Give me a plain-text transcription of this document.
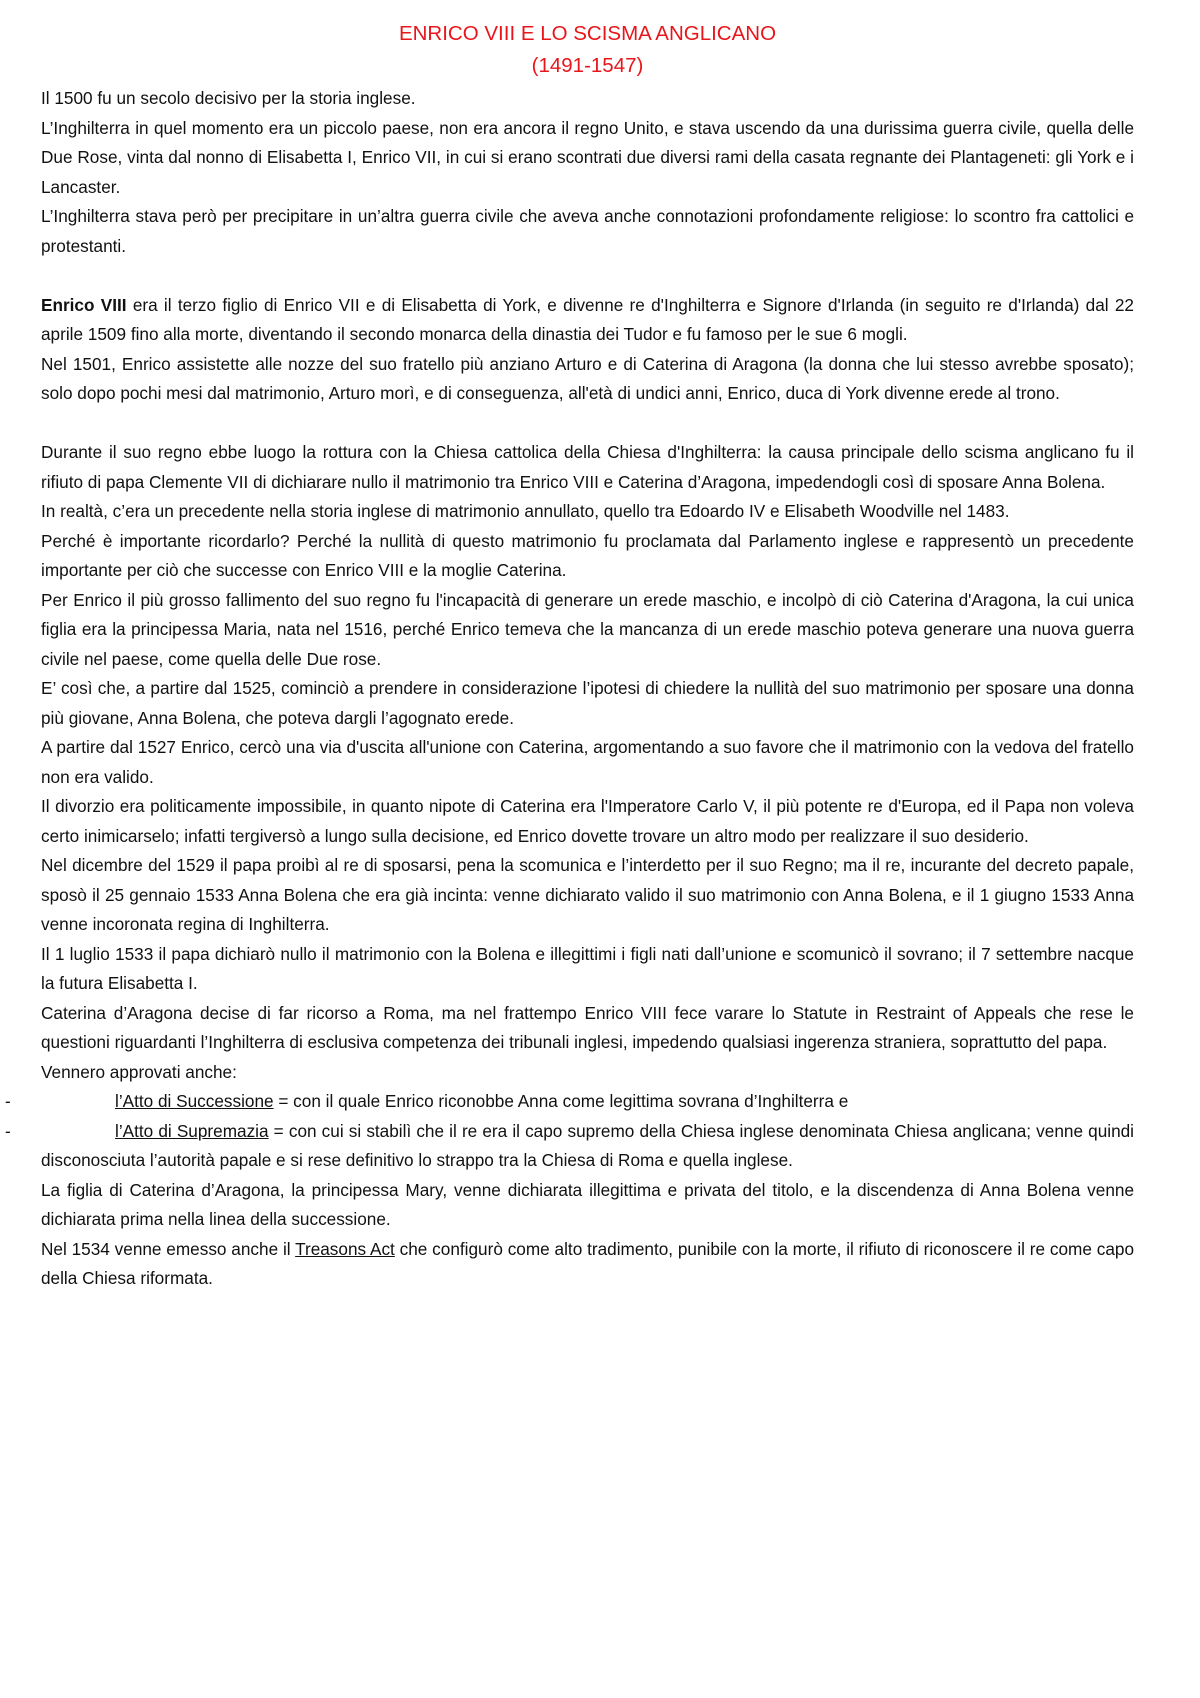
ENRICO VIII E LO SCISMA ANGLICANO
(1491-1547)

Il 1500 fu un secolo decisivo per la storia inglese.

L’Inghilterra in quel momento era un piccolo paese, non era ancora il regno Unito, e stava uscendo da una durissima guerra civile, quella delle Due Rose, vinta dal nonno di Elisabetta I, Enrico VII, in cui si erano scontrati due diversi rami della casata regnante dei Plantageneti: gli York e i Lancaster.

L’Inghilterra stava però per precipitare in un’altra guerra civile che aveva anche connotazioni profondamente religiose: lo scontro fra cattolici e protestanti.

Enrico VIII era il terzo figlio di Enrico VII e di Elisabetta di York, e divenne re d'Inghilterra e Signore d'Irlanda (in seguito re d'Irlanda) dal 22 aprile 1509 fino alla morte, diventando il secondo monarca della dinastia dei Tudor e fu famoso per le sue 6 mogli.

Nel 1501, Enrico assistette alle nozze del suo fratello più anziano Arturo e di Caterina di Aragona (la donna che lui stesso avrebbe sposato); solo dopo pochi mesi dal matrimonio, Arturo morì, e di conseguenza, all'età di undici anni, Enrico, duca di York divenne erede al trono.

Durante il suo regno ebbe luogo la rottura con la Chiesa cattolica della Chiesa d'Inghilterra: la causa principale dello scisma anglicano fu il rifiuto di papa Clemente VII di dichiarare nullo il matrimonio tra Enrico VIII e Caterina d’Aragona, impedendogli così di sposare Anna Bolena.

In realtà, c’era un precedente nella storia inglese di matrimonio annullato, quello tra Edoardo IV e Elisabeth Woodville nel 1483.

Perché è importante ricordarlo? Perché la nullità di questo matrimonio fu proclamata dal Parlamento inglese e rappresentò un precedente importante per ciò che successe con Enrico VIII e la moglie Caterina.

Per Enrico il più grosso fallimento del suo regno fu l'incapacità di generare un erede maschio, e incolpò di ciò Caterina d'Aragona, la cui unica figlia era la principessa Maria, nata nel 1516, perché Enrico temeva che la mancanza di un erede maschio poteva generare una nuova guerra civile nel paese, come quella delle Due rose.

E’ così che, a partire dal 1525, cominciò a prendere in considerazione l’ipotesi di chiedere la nullità del suo matrimonio per sposare una donna più giovane, Anna Bolena, che poteva dargli l’agognato erede.

A partire dal 1527 Enrico, cercò una via d'uscita all'unione con Caterina, argomentando a suo favore che il matrimonio con la vedova del fratello non era valido.

Il divorzio era politicamente impossibile, in quanto nipote di Caterina era l'Imperatore Carlo V, il più potente re d'Europa, ed il Papa non voleva certo inimicarselo; infatti tergiversò a lungo sulla decisione, ed Enrico dovette trovare un altro modo per realizzare il suo desiderio.

Nel dicembre del 1529 il papa proibì al re di sposarsi, pena la scomunica e l’interdetto per il suo Regno; ma il re, incurante del decreto papale, sposò il 25 gennaio 1533 Anna Bolena che era già incinta: venne dichiarato valido il suo matrimonio con Anna Bolena, e il 1 giugno 1533 Anna venne incoronata regina di Inghilterra.

Il 1 luglio 1533 il papa dichiarò nullo il matrimonio con la Bolena e illegittimi i figli nati dall’unione e scomunicò il sovrano; il 7 settembre nacque la futura Elisabetta I.

Caterina d’Aragona decise di far ricorso a Roma, ma nel frattempo Enrico VIII fece varare lo Statute in Restraint of Appeals che rese le questioni riguardanti l’Inghilterra di esclusiva competenza dei tribunali inglesi, impedendo qualsiasi ingerenza straniera, soprattutto del papa.

Vennero approvati anche:

-	l’Atto di Successione = con il quale Enrico riconobbe Anna come legittima sovrana d’Inghilterra e

-	l’Atto di Supremazia = con cui si stabilì che il re era il capo supremo della Chiesa inglese denominata Chiesa anglicana; venne quindi disconosciuta l’autorità papale e si rese definitivo lo strappo tra la Chiesa di Roma e quella inglese.

La figlia di Caterina d’Aragona, la principessa Mary, venne dichiarata illegittima e privata del titolo, e la discendenza di Anna Bolena venne dichiarata prima nella linea della successione.

Nel 1534 venne emesso anche il Treasons Act che configurò come alto tradimento, punibile con la morte, il rifiuto di riconoscere il re come capo della Chiesa riformata.
